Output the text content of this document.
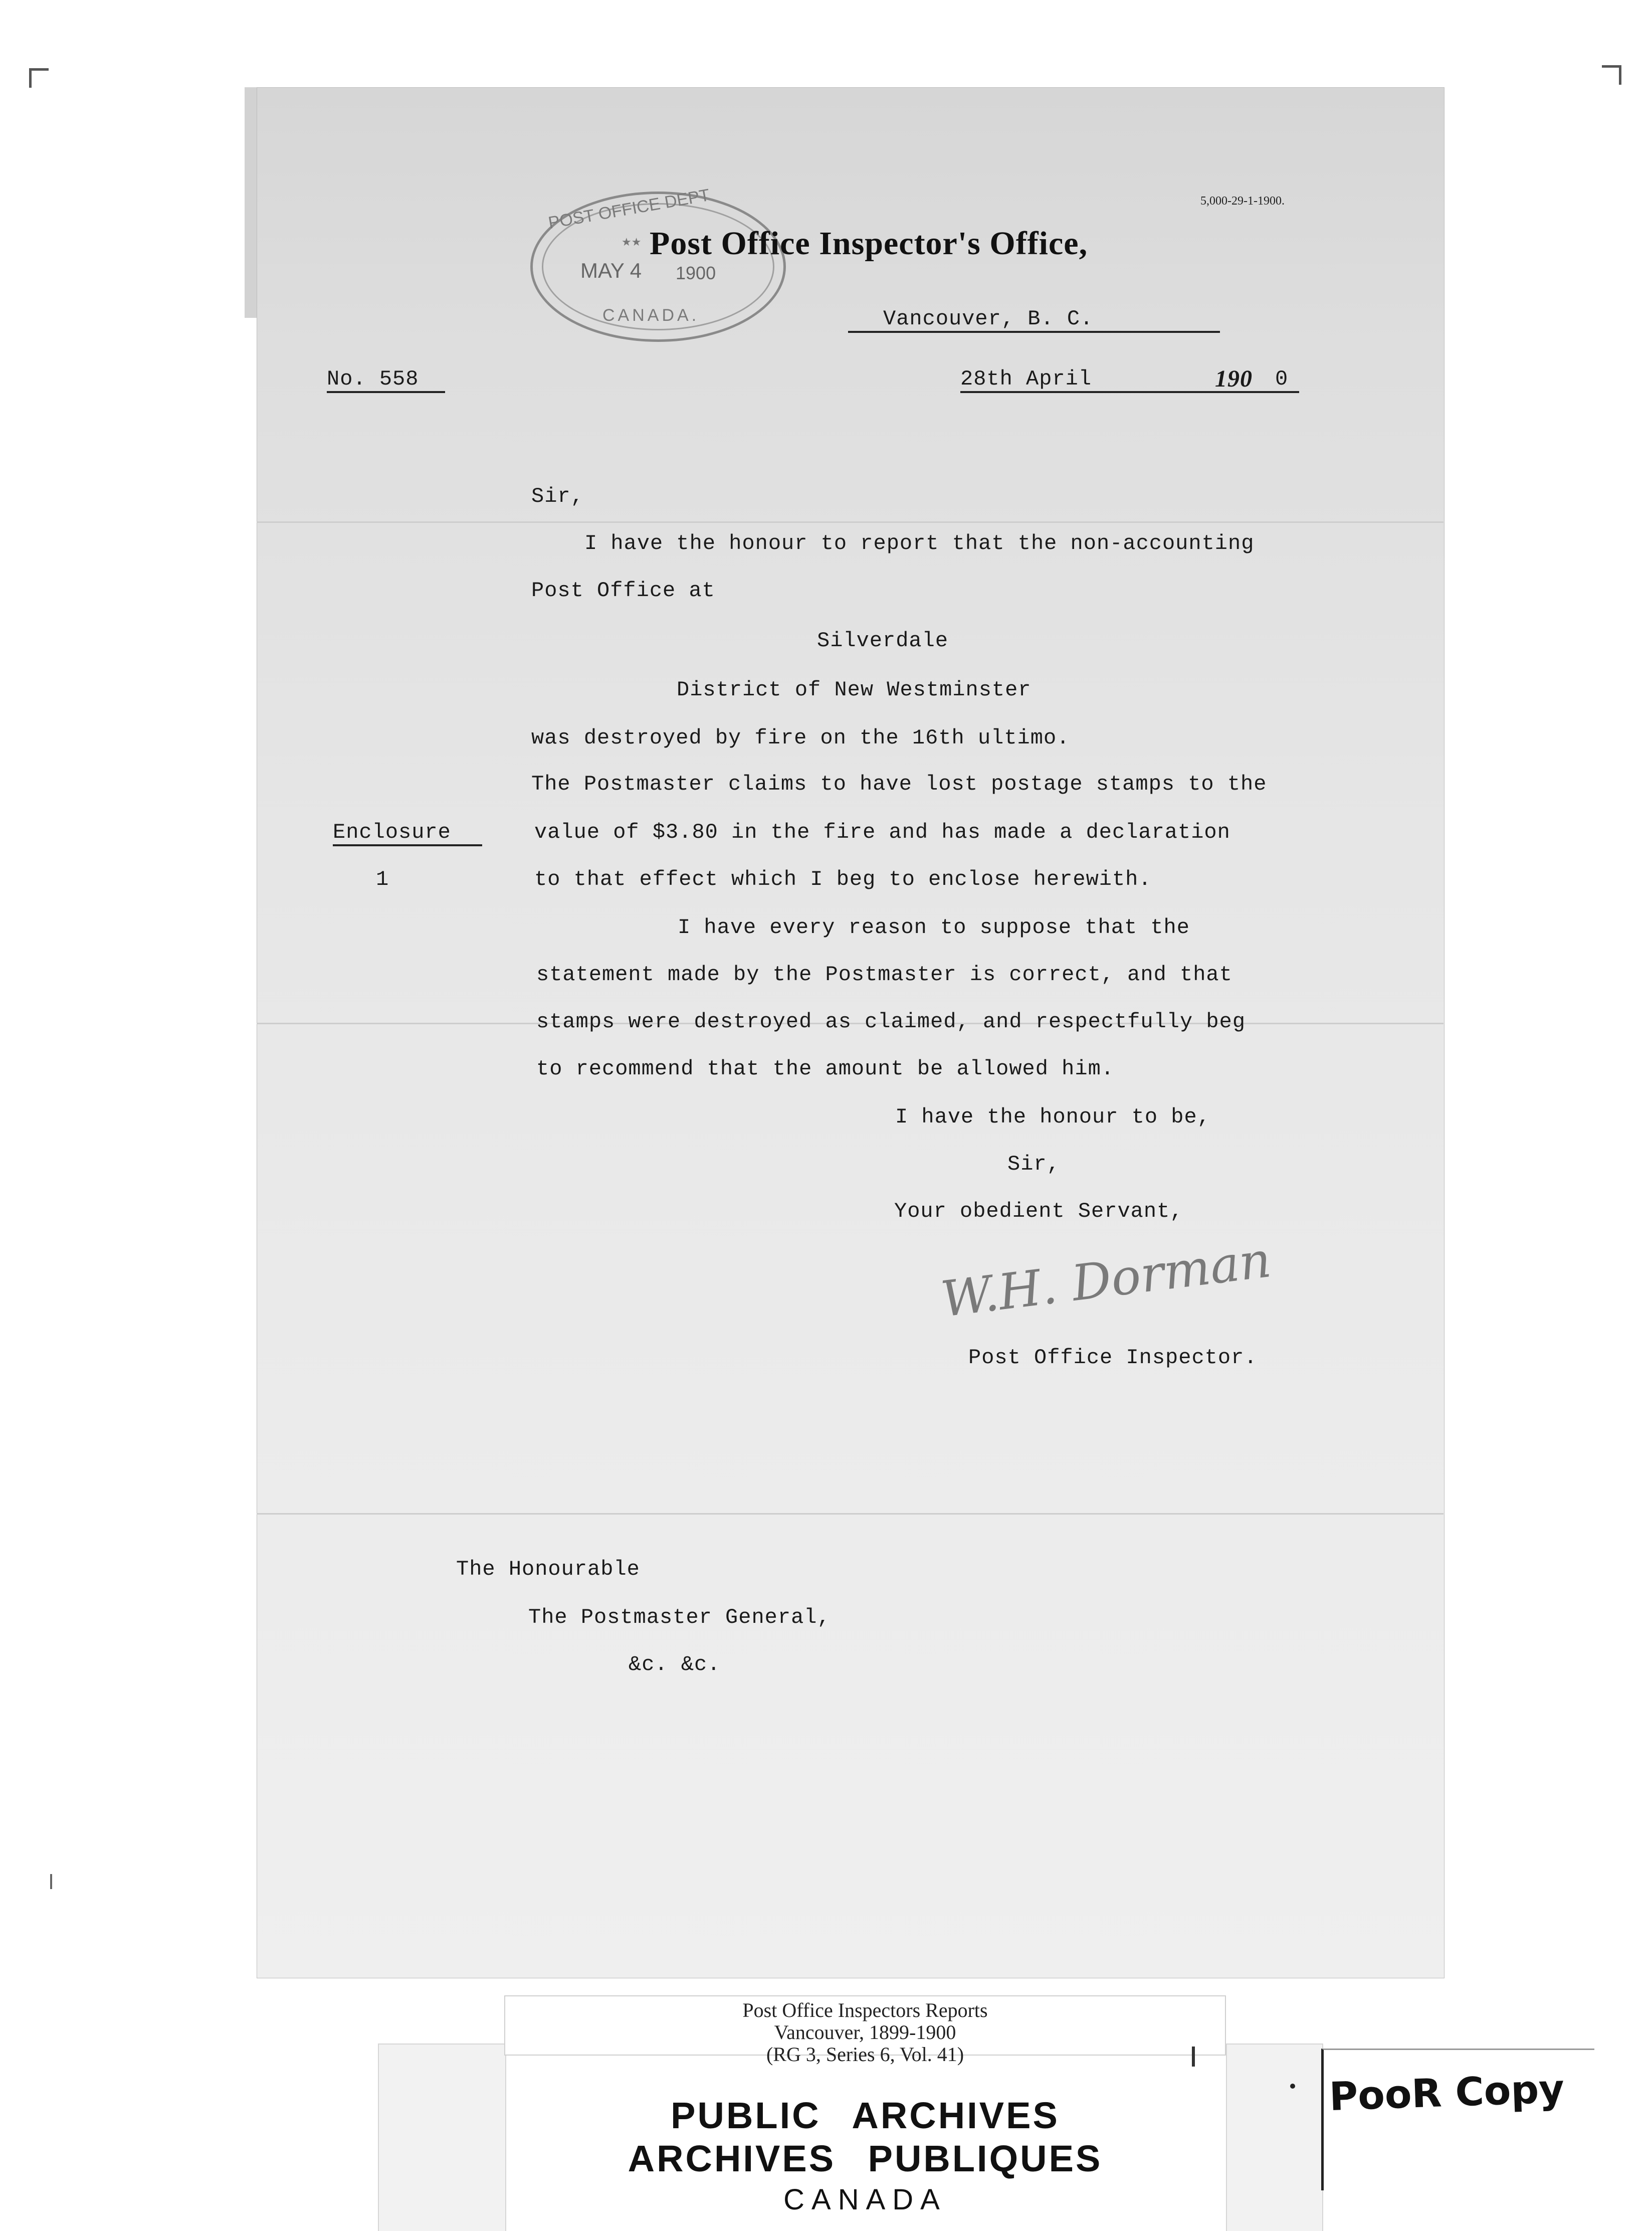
5,000-29-1-1900.
POST OFFICE DEPT
★★
MAY 4 1900
CANADA.
Post Office Inspector's Office,
Vancouver, B. C.
No. 558	28th April	190 0
Sir,
I have the honour to report that the non-accounting
Post Office at
Silverdale
District of New Westminster
was destroyed by fire on the 16th ultimo.
The Postmaster claims to have lost postage stamps to the
value of $3.80 in the fire and has made a declaration
to that effect which I beg to enclose herewith.
I have every reason to suppose that the
statement made by the Postmaster is correct, and that
stamps were destroyed as claimed, and respectfully beg
to recommend that the amount be allowed him.
Enclosure
1
I have the honour to be,
Sir,
Your obedient Servant,
W.H. Dorman
Post Office Inspector.
The Honourable
The Postmaster General,
&c. &c.
Post Office Inspectors Reports
Vancouver, 1899-1900
(RG 3, Series 6, Vol. 41)
PUBLIC ARCHIVES
ARCHIVES PUBLIQUES
CANADA
PooR Copy
